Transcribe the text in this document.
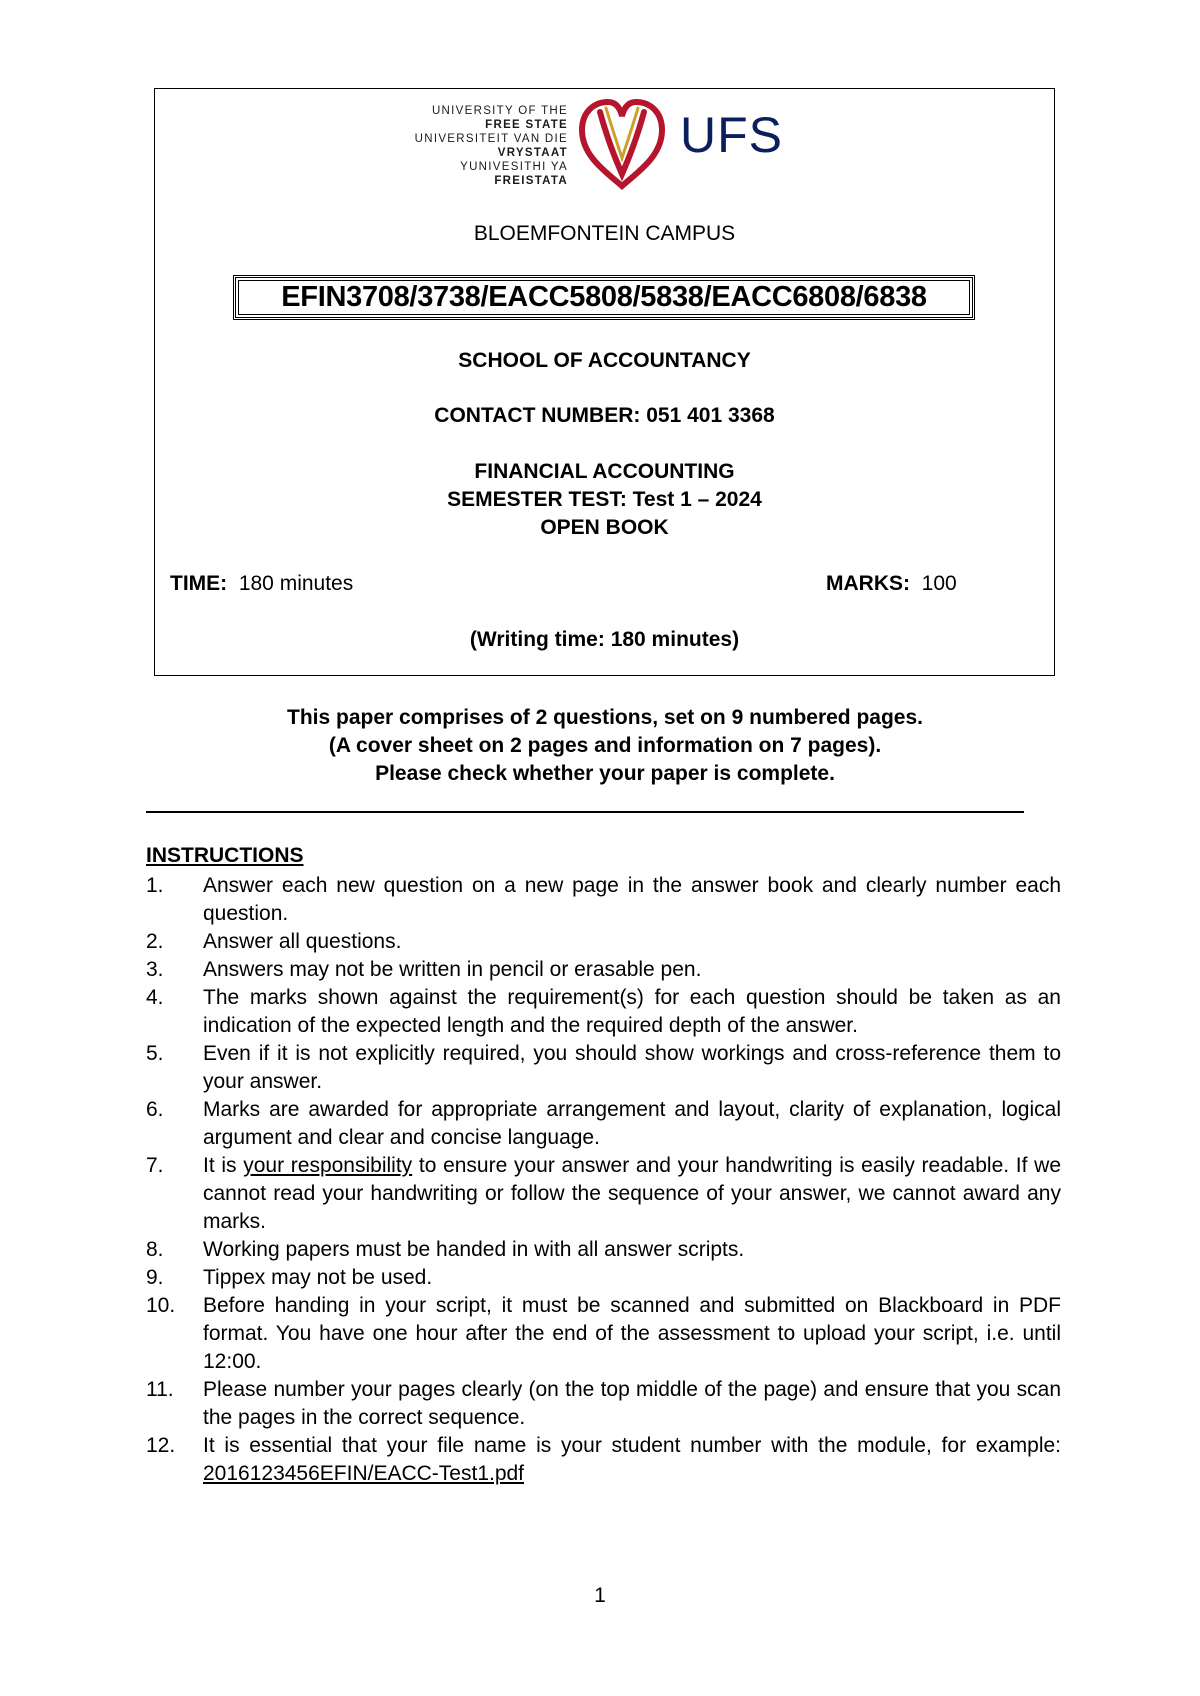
UNIVERSITY OF THE
FREE STATE
UNIVERSITEIT VAN DIE
VRYSTAAT
YUNIVESITHI YA
FREISTATA
UFS
BLOEMFONTEIN CAMPUS
EFIN3708/3738/EACC5808/5838/EACC6808/6838
SCHOOL OF ACCOUNTANCY
CONTACT NUMBER: 051 401 3368
FINANCIAL ACCOUNTING
SEMESTER TEST: Test 1 – 2024
OPEN BOOK
TIME: 180 minutes	MARKS: 100
(Writing time: 180 minutes)
This paper comprises of 2 questions, set on 9 numbered pages.
(A cover sheet on 2 pages and information on 7 pages).
Please check whether your paper is complete.
INSTRUCTIONS
1.	Answer each new question on a new page in the answer book and clearly number each question.
2.	Answer all questions.
3.	Answers may not be written in pencil or erasable pen.
4.	The marks shown against the requirement(s) for each question should be taken as an indication of the expected length and the required depth of the answer.
5.	Even if it is not explicitly required, you should show workings and cross-reference them to your answer.
6.	Marks are awarded for appropriate arrangement and layout, clarity of explanation, logical argument and clear and concise language.
7.	It is your responsibility to ensure your answer and your handwriting is easily readable. If we cannot read your handwriting or follow the sequence of your answer, we cannot award any marks.
8.	Working papers must be handed in with all answer scripts.
9.	Tippex may not be used.
10.	Before handing in your script, it must be scanned and submitted on Blackboard in PDF format. You have one hour after the end of the assessment to upload your script, i.e. until 12:00.
11.	Please number your pages clearly (on the top middle of the page) and ensure that you scan the pages in the correct sequence.
12.	It is essential that your file name is your student number with the module, for example: 2016123456EFIN/EACC-Test1.pdf
1
